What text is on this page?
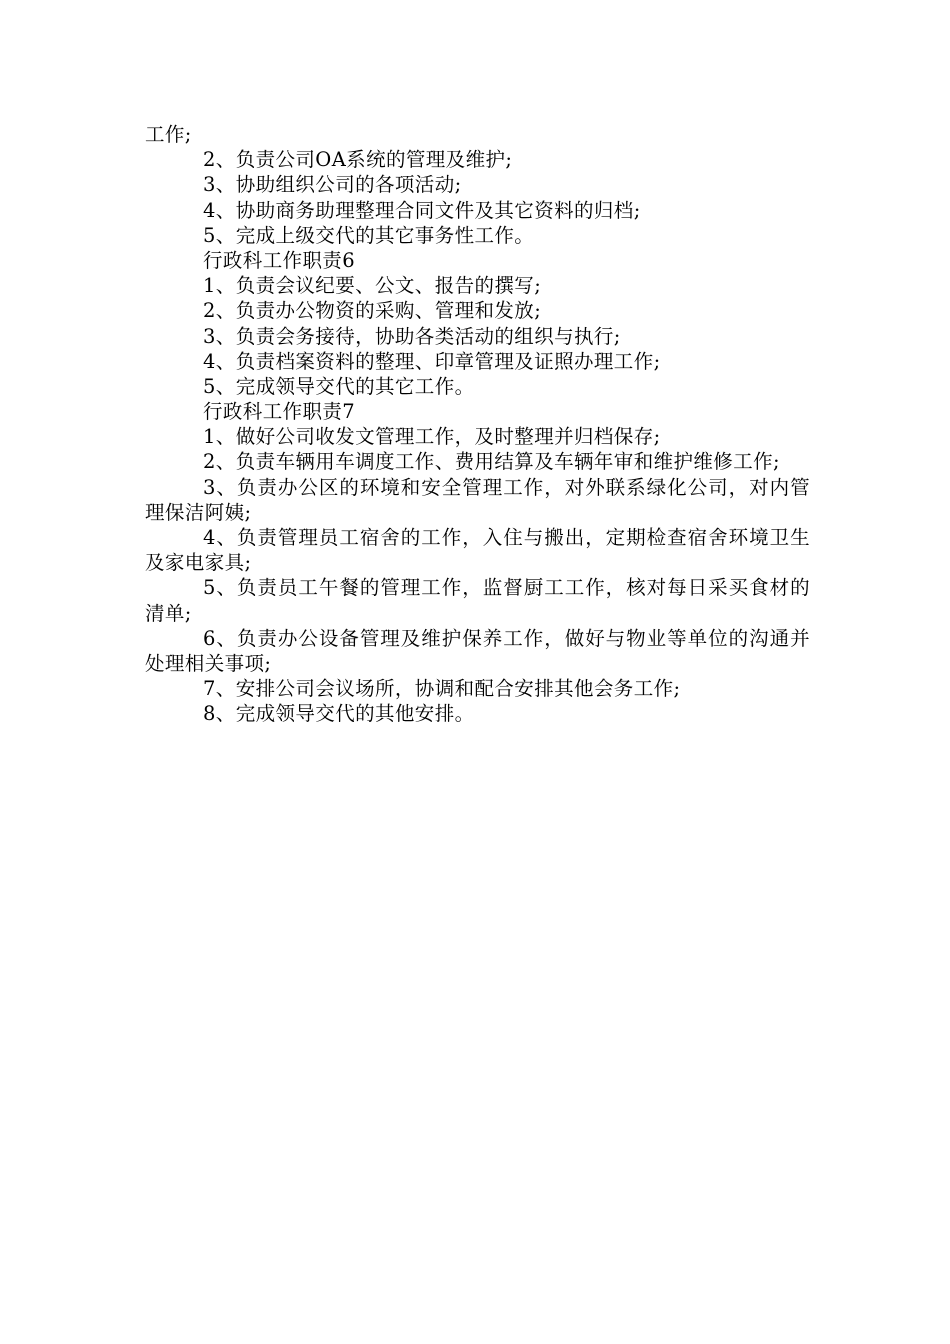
工作;
2、负责公司OA系统的管理及维护;
3、协助组织公司的各项活动;
4、协助商务助理整理合同文件及其它资料的归档;
5、完成上级交代的其它事务性工作。
行政科工作职责6
1、负责会议纪要、公文、报告的撰写;
2、负责办公物资的采购、管理和发放;
3、负责会务接待，协助各类活动的组织与执行;
4、负责档案资料的整理、印章管理及证照办理工作;
5、完成领导交代的其它工作。
行政科工作职责7
1、做好公司收发文管理工作，及时整理并归档保存;
2、负责车辆用车调度工作、费用结算及车辆年审和维护维修工作;
3、负责办公区的环境和安全管理工作，对外联系绿化公司，对内管理保洁阿姨;
4、负责管理员工宿舍的工作，入住与搬出，定期检查宿舍环境卫生及家电家具;
5、负责员工午餐的管理工作，监督厨工工作，核对每日采买食材的清单;
6、负责办公设备管理及维护保养工作，做好与物业等单位的沟通并处理相关事项;
7、安排公司会议场所，协调和配合安排其他会务工作;
8、完成领导交代的其他安排。
